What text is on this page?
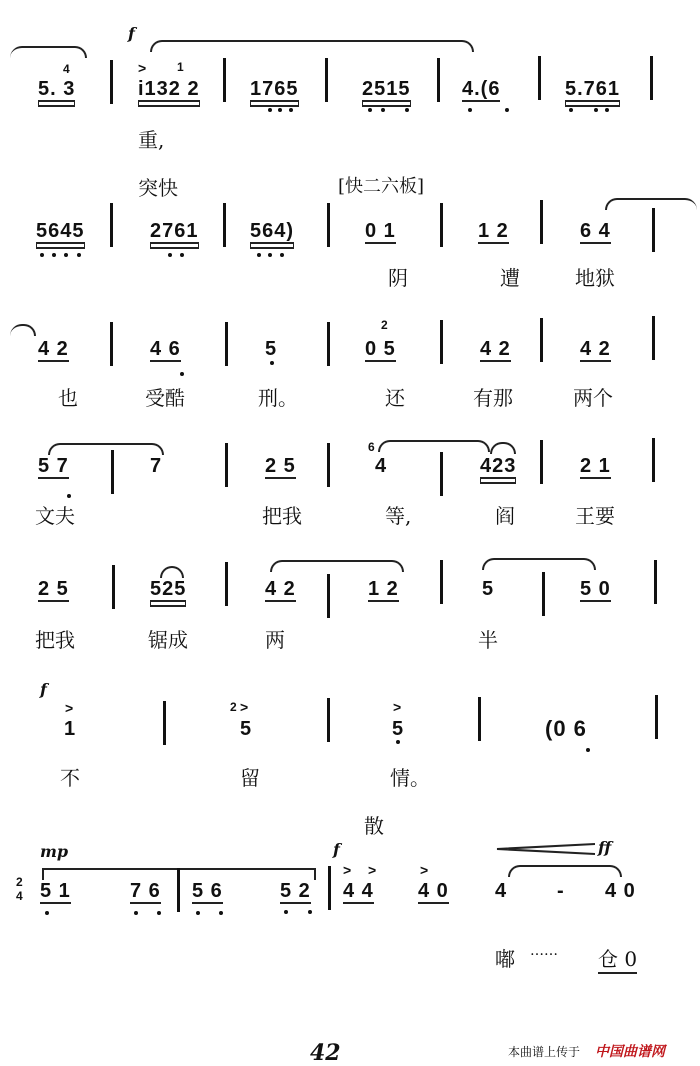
f
>
4	1
5. 3	i132 2	1765	2515	4.(6	5.761
重,
突快	[快二六板]
5645	2761	564)	0 1	1 2	6 4
阴	遭	地狱
4 2	4 6	5
2
0 5	4 2	4 2
也	受酷	刑。	还	有那	两个
5 7	7	2 5
6
4	423	2 1
文夫	把我	等,	阎	王要
2 5	525	4 2	1 2	5	5 0
把我	锯成	两	半
f
>
1
2 >
5
>
5	(0 6
不	留	情。
散
mp	f	ff
2
4 5 1	7 6 5 6	5 2
> >	>
4 4 4 0 4 - 4 0
嘟 …… 仓 0
42	本曲谱上传于 中国曲谱网
